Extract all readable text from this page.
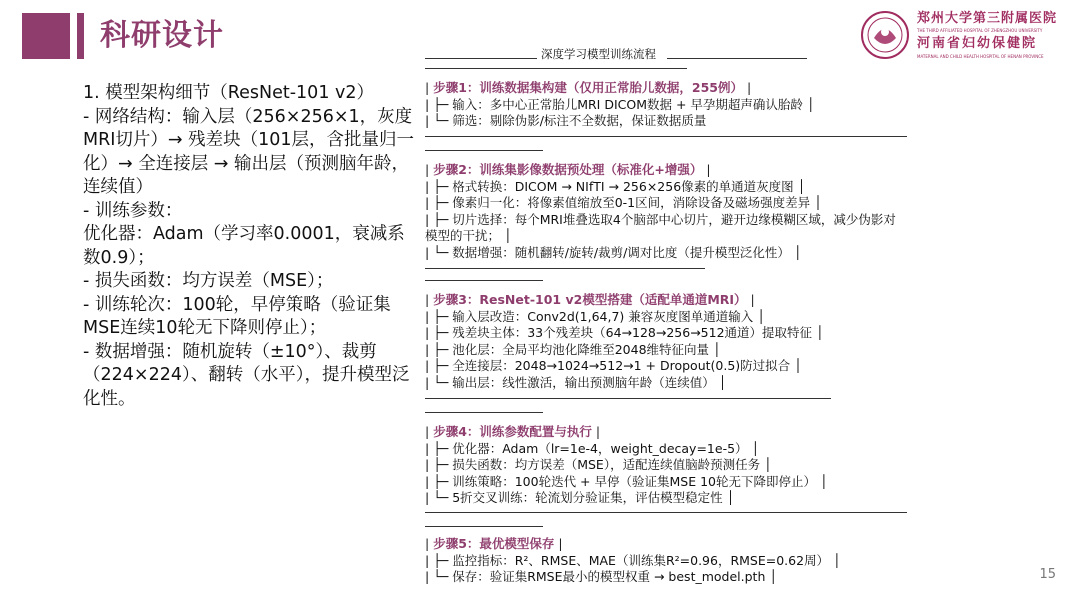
科研设计	郑州大学第三附属医院
THE THIRD AFFILIATED HOSPITAL OF ZHENGZHOU UNIVERSITY
河南省妇幼保健院
MATERNAL AND CHILD HEALTH HOSPITAL OF HENAN PROVINCE
1. 模型架构细节（ResNet-101 v2）
- 网络结构：输入层（256×256×1，灰度MRI切片）→ 残差块（101层，含批量归一化）→ 全连接层 → 输出层（预测脑年龄，连续值）
- 训练参数：
优化器：Adam（学习率0.0001，衰减系数0.9）；
- 损失函数：均方误差（MSE）；
- 训练轮次：100轮，早停策略（验证集MSE连续10轮无下降则停止）；
- 数据增强：随机旋转（±10°）、裁剪（224×224）、翻转（水平），提升模型泛化性。
深度学习模型训练流程
| 步骤1：训练数据集构建（仅用正常胎儿数据，255例） |
| ├─ 输入：多中心正常胎儿MRI DICOM数据 + 早孕期超声确认胎龄 │
| └─ 筛选：剔除伪影/标注不全数据，保证数据质量
| 步骤2：训练集影像数据预处理（标准化+增强） |
| ├─ 格式转换：DICOM → NIfTI → 256×256像素的单通道灰度图 │
| ├─ 像素归一化：将像素值缩放至0-1区间，消除设备及磁场强度差异 │
| ├─ 切片选择：每个MRI堆叠选取4个脑部中心切片，避开边缘模糊区域，减少伪影对模型的干扰； │
| └─ 数据增强：随机翻转/旋转/裁剪/调对比度（提升模型泛化性） │
| 步骤3：ResNet-101 v2模型搭建（适配单通道MRI） |
| ├─ 输入层改造：Conv2d(1,64,7) 兼容灰度图单通道输入 │
| ├─ 残差块主体：33个残差块（64→128→256→512通道）提取特征 │
| ├─ 池化层：全局平均池化降维至2048维特征向量 │
| ├─ 全连接层：2048→1024→512→1 + Dropout(0.5)防过拟合 │
| └─ 输出层：线性激活，输出预测脑年龄（连续值） │
| 步骤4：训练参数配置与执行 |
| ├─ 优化器：Adam（lr=1e-4，weight_decay=1e-5） │
| ├─ 损失函数：均方误差（MSE），适配连续值脑龄预测任务 │
| ├─ 训练策略：100轮迭代 + 早停（验证集MSE 10轮无下降即停止） │
| └─ 5折交叉训练：轮流划分验证集，评估模型稳定性 │
| 步骤5：最优模型保存 |
| ├─ 监控指标：R²、RMSE、MAE（训练集R²=0.96，RMSE=0.62周） │
| └─ 保存：验证集RMSE最小的模型权重 → best_model.pth │	15
